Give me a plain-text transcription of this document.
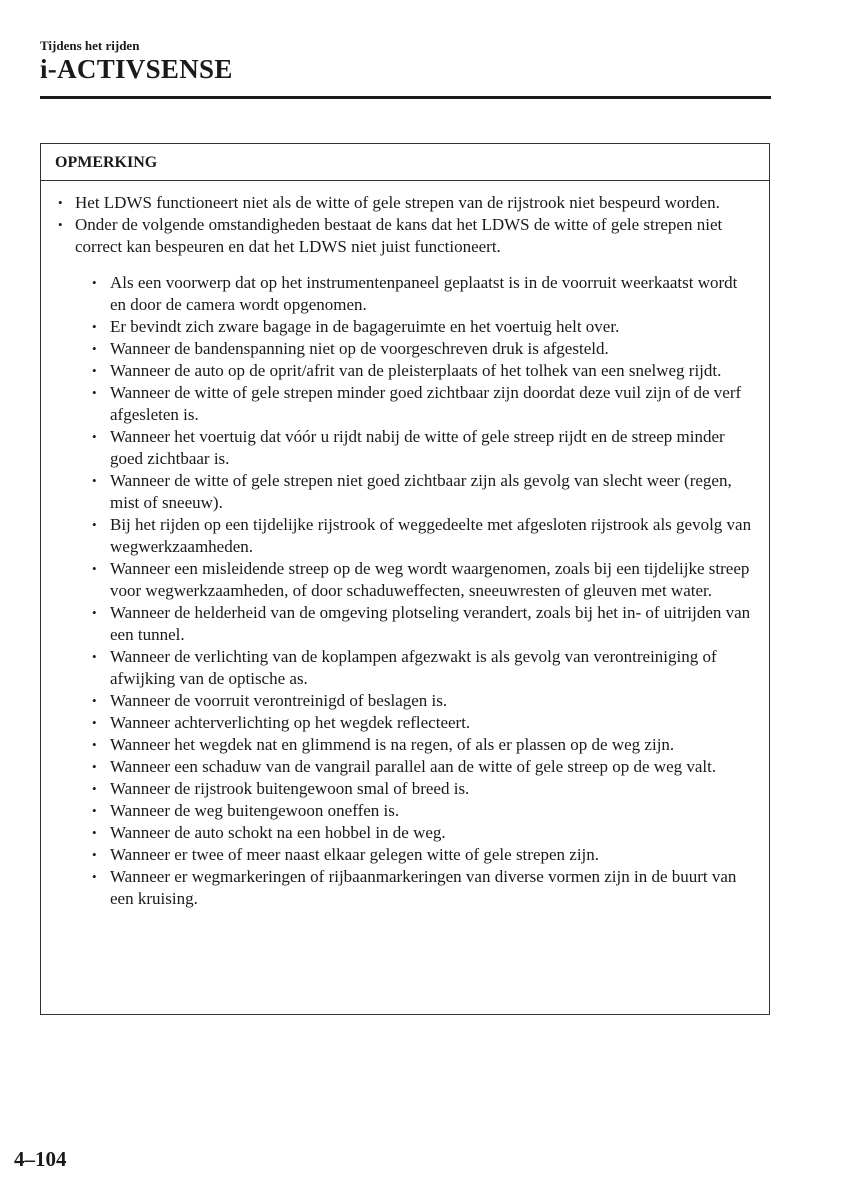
Tijdens het rijden
i-ACTIVSENSE
OPMERKING
• Het LDWS functioneert niet als de witte of gele strepen van de rijstrook niet bespeurd worden.
• Onder de volgende omstandigheden bestaat de kans dat het LDWS de witte of gele strepen niet correct kan bespeuren en dat het LDWS niet juist functioneert.
• Als een voorwerp dat op het instrumentenpaneel geplaatst is in de voorruit weerkaatst wordt en door de camera wordt opgenomen.
• Er bevindt zich zware bagage in de bagageruimte en het voertuig helt over.
• Wanneer de bandenspanning niet op de voorgeschreven druk is afgesteld.
• Wanneer de auto op de oprit/afrit van de pleisterplaats of het tolhek van een snelweg rijdt.
• Wanneer de witte of gele strepen minder goed zichtbaar zijn doordat deze vuil zijn of de verf afgesleten is.
• Wanneer het voertuig dat vóór u rijdt nabij de witte of gele streep rijdt en de streep minder goed zichtbaar is.
• Wanneer de witte of gele strepen niet goed zichtbaar zijn als gevolg van slecht weer (regen, mist of sneeuw).
• Bij het rijden op een tijdelijke rijstrook of weggedeelte met afgesloten rijstrook als gevolg van wegwerkzaamheden.
• Wanneer een misleidende streep op de weg wordt waargenomen, zoals bij een tijdelijke streep voor wegwerkzaamheden, of door schaduweffecten, sneeuwresten of gleuven met water.
• Wanneer de helderheid van de omgeving plotseling verandert, zoals bij het in- of uitrijden van een tunnel.
• Wanneer de verlichting van de koplampen afgezwakt is als gevolg van verontreiniging of afwijking van de optische as.
• Wanneer de voorruit verontreinigd of beslagen is.
• Wanneer achterverlichting op het wegdek reflecteert.
• Wanneer het wegdek nat en glimmend is na regen, of als er plassen op de weg zijn.
• Wanneer een schaduw van de vangrail parallel aan de witte of gele streep op de weg valt.
• Wanneer de rijstrook buitengewoon smal of breed is.
• Wanneer de weg buitengewoon oneffen is.
• Wanneer de auto schokt na een hobbel in de weg.
• Wanneer er twee of meer naast elkaar gelegen witte of gele strepen zijn.
• Wanneer er wegmarkeringen of rijbaanmarkeringen van diverse vormen zijn in de buurt van een kruising.
4–104
